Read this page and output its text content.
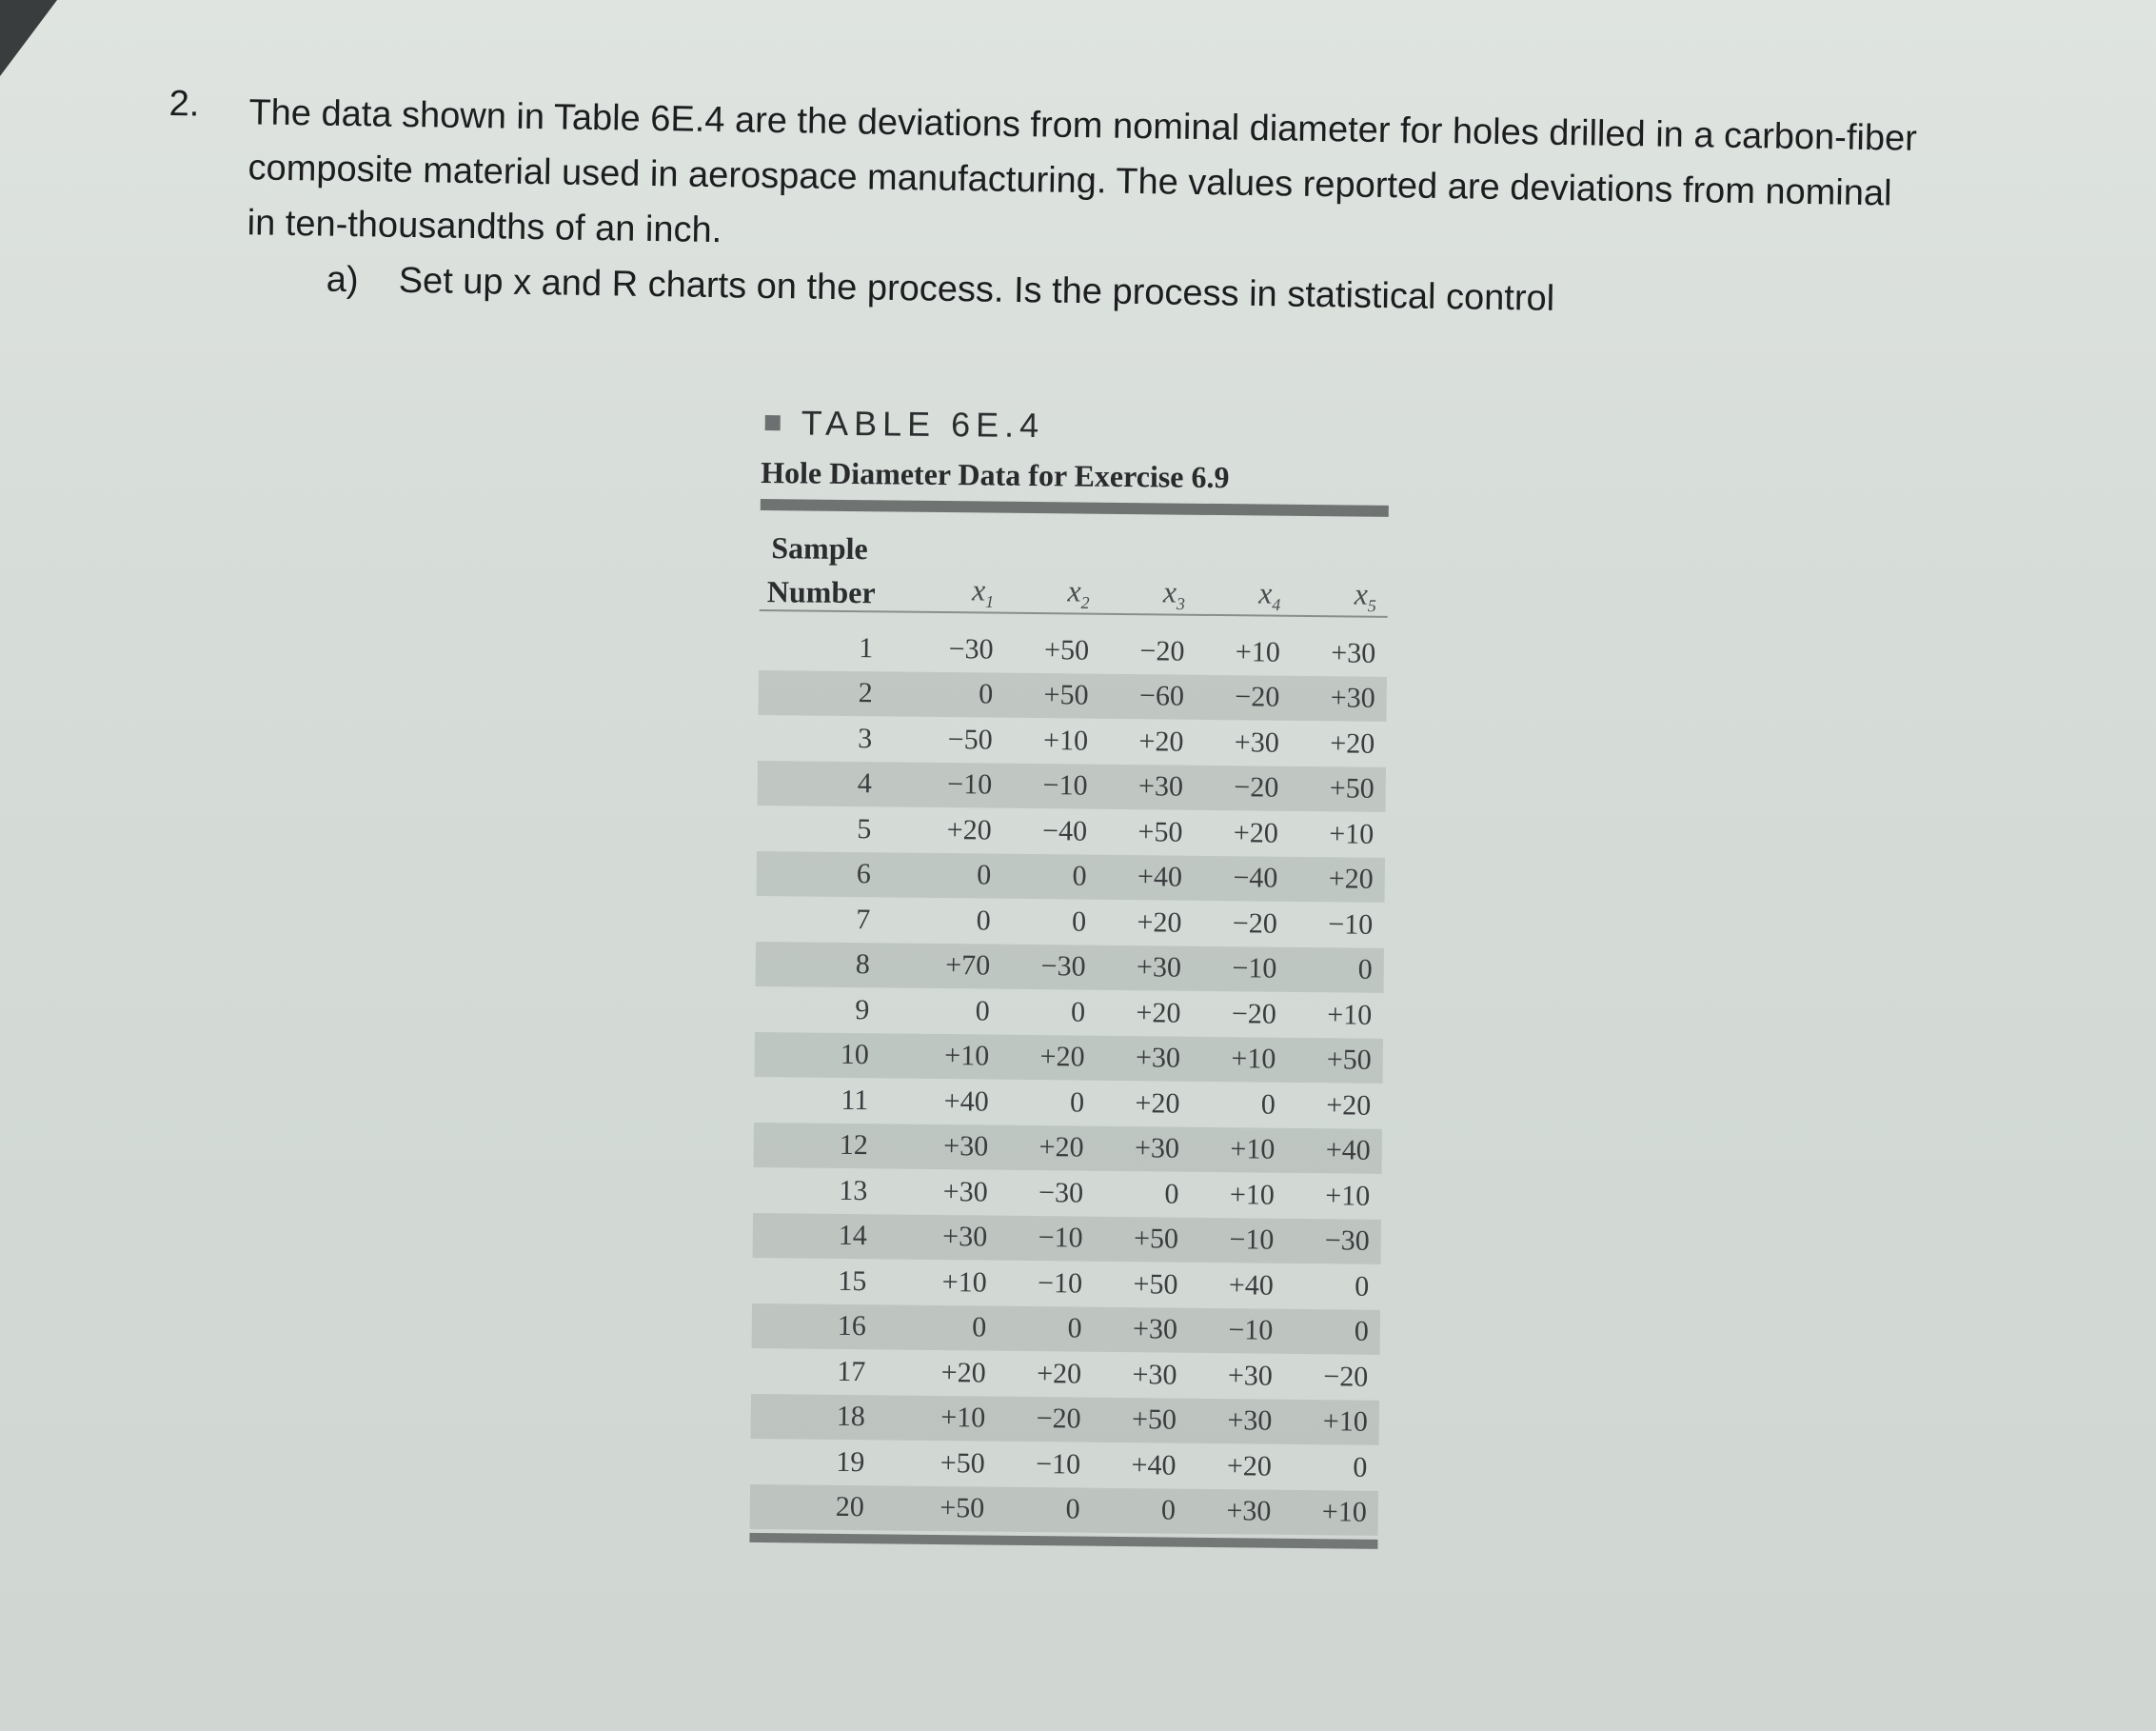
2. The data shown in Table 6E.4 are the deviations from nominal diameter for holes drilled in a carbon-fiber composite material used in aerospace manufacturing. The values reported are deviations from nominal in ten-thousandths of an inch.
a) Set up x and R charts on the process. Is the process in statistical control
TABLE 6E.4
Hole Diameter Data for Exercise 6.9
Sample					
Number	$x_1$	$x_2$	$x_3$	$x_4$	$x_5$

1	−30	+50	−20	+10	+30
2	0	+50	−60	−20	+30
3	−50	+10	+20	+30	+20
4	−10	−10	+30	−20	+50
5	+20	−40	+50	+20	+10
6	0	0	+40	−40	+20
7	0	0	+20	−20	−10
8	+70	−30	+30	−10	0
9	0	0	+20	−20	+10
10	+10	+20	+30	+10	+50
11	+40	0	+20	0	+20
12	+30	+20	+30	+10	+40
13	+30	−30	0	+10	+10
14	+30	−10	+50	−10	−30
15	+10	−10	+50	+40	0
16	0	0	+30	−10	0
17	+20	+20	+30	+30	−20
18	+10	−20	+50	+30	+10
19	+50	−10	+40	+20	0
20	+50	0	0	+30	+10
